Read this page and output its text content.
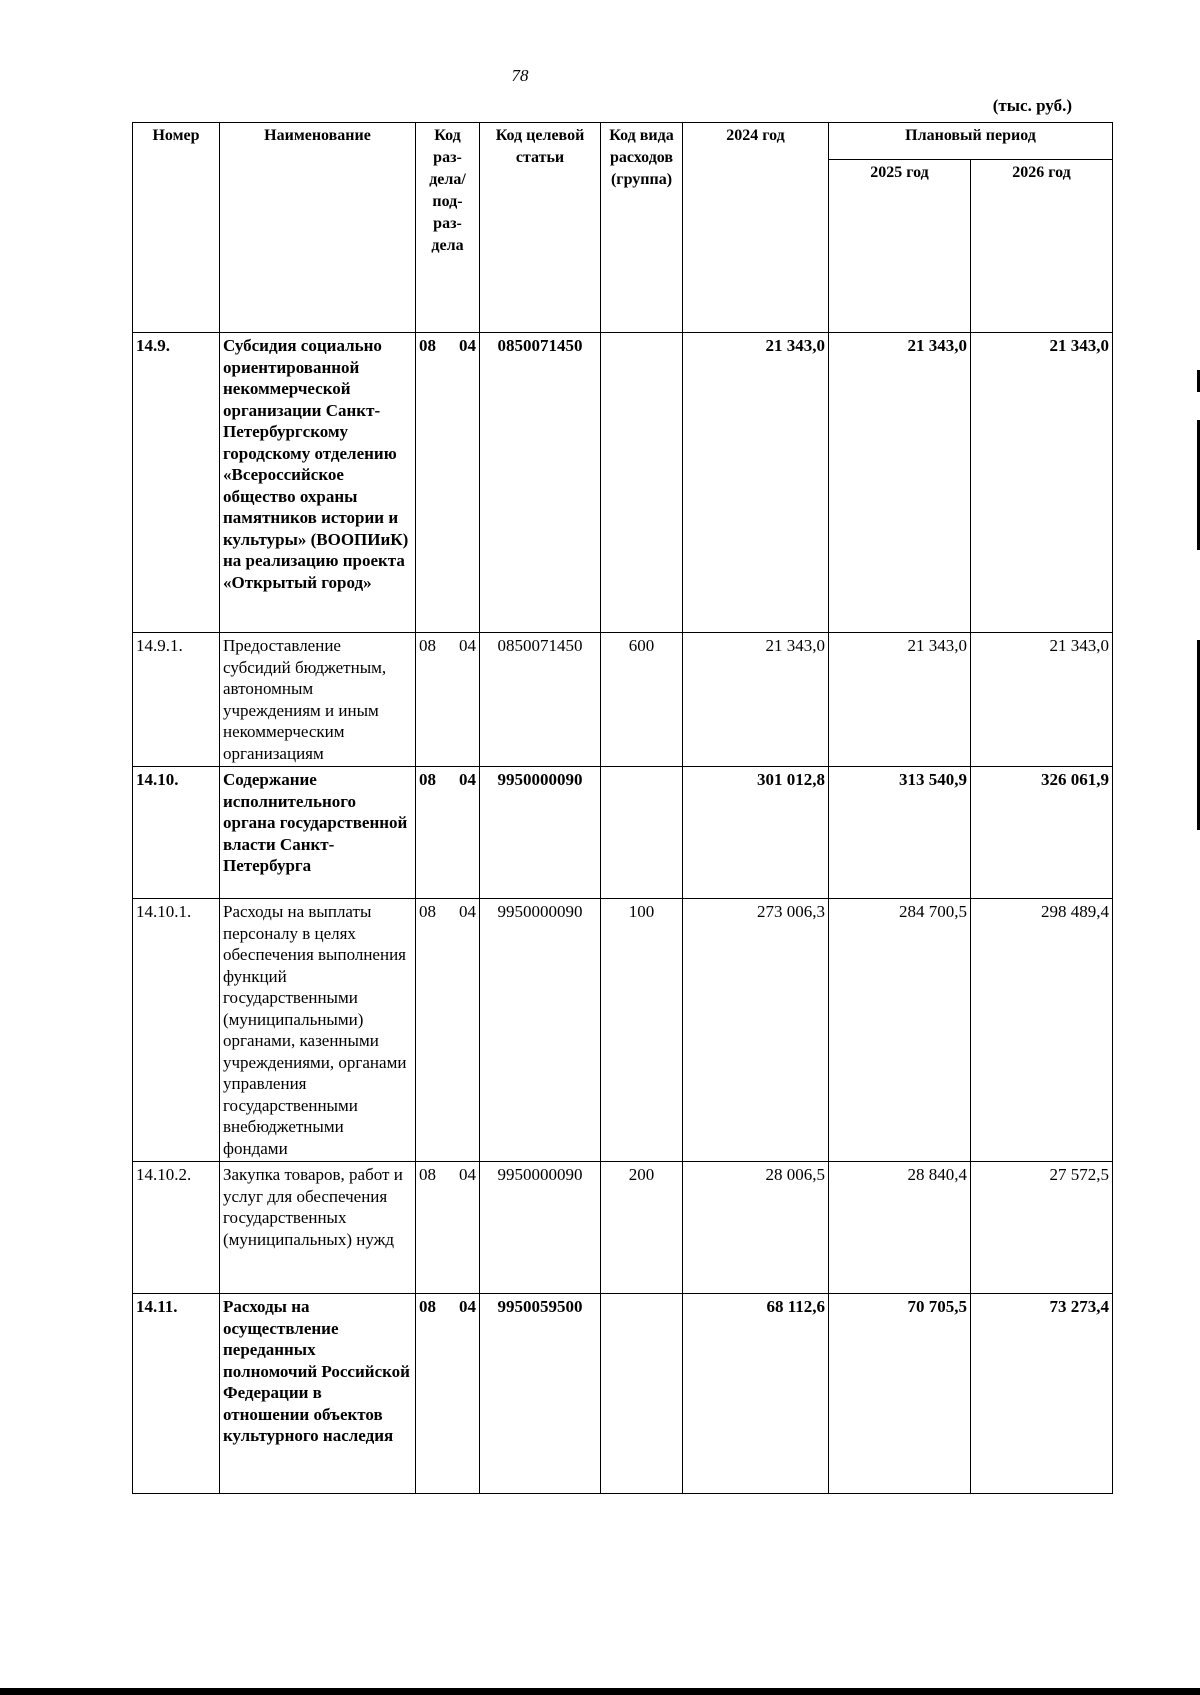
78
(тыс. руб.)
Номер	Наименование	Код раз-дела/ под-раз-дела	Код целевой статьи	Код вида расходов (группа)	2024 год	Плановый период	
						2025 год	2026 год
14.9.	Субсидия социально ориентированной некоммерческой организации Санкт-Петербургскому городскому отделению «Всероссийское общество охраны памятников истории и культуры» (ВООПИиК) на реализацию проекта «Открытый город»	08 04	0850071450		21 343,0	21 343,0	21 343,0
14.9.1.	Предоставление субсидий бюджетным, автономным учреждениям и иным некоммерческим организациям	08 04	0850071450	600	21 343,0	21 343,0	21 343,0
14.10.	Содержание исполнительного органа государственной власти Санкт-Петербурга	08 04	9950000090		301 012,8	313 540,9	326 061,9
14.10.1.	Расходы на выплаты персоналу в целях обеспечения выполнения функций государственными (муниципальными) органами, казенными учреждениями, органами управления государственными внебюджетными фондами	08 04	9950000090	100	273 006,3	284 700,5	298 489,4
14.10.2.	Закупка товаров, работ и услуг для обеспечения государственных (муниципальных) нужд	08 04	9950000090	200	28 006,5	28 840,4	27 572,5
14.11.	Расходы на осуществление переданных полномочий Российской Федерации в отношении объектов культурного наследия	08 04	9950059500		68 112,6	70 705,5	73 273,4
